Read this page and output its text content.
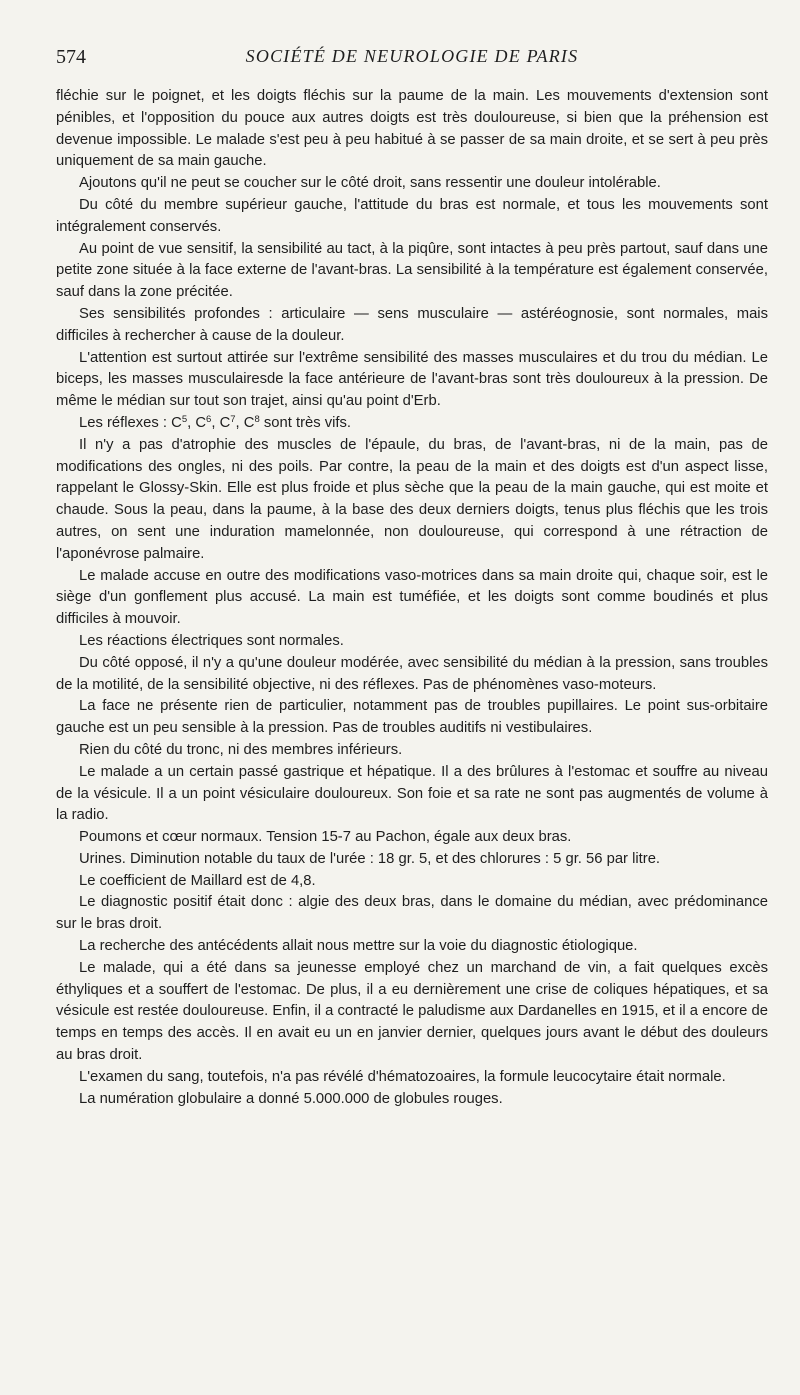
574	SOCIÉTÉ DE NEUROLOGIE DE PARIS

fléchie sur le poignet, et les doigts fléchis sur la paume de la main. Les mouvements d'extension sont pénibles, et l'opposition du pouce aux autres doigts est très douloureuse, si bien que la préhension est devenue impossible. Le malade s'est peu à peu habitué à se passer de sa main droite, et se sert à peu près uniquement de sa main gauche.

Ajoutons qu'il ne peut se coucher sur le côté droit, sans ressentir une douleur intolérable.

Du côté du membre supérieur gauche, l'attitude du bras est normale, et tous les mouvements sont intégralement conservés.

Au point de vue sensitif, la sensibilité au tact, à la piqûre, sont intactes à peu près partout, sauf dans une petite zone située à la face externe de l'avant-bras. La sensibilité à la température est également conservée, sauf dans la zone précitée.

Ses sensibilités profondes : articulaire — sens musculaire — astéréognosie, sont normales, mais difficiles à rechercher à cause de la douleur.

L'attention est surtout attirée sur l'extrême sensibilité des masses musculaires et du trou du médian. Le biceps, les masses musculairesde la face antérieure de l'avant-bras sont très douloureux à la pression. De même le médian sur tout son trajet, ainsi qu'au point d'Erb.

Les réflexes : $C^5$, $C^6$, $C^7$, $C^8$ sont très vifs.

Il n'y a pas d'atrophie des muscles de l'épaule, du bras, de l'avant-bras, ni de la main, pas de modifications des ongles, ni des poils. Par contre, la peau de la main et des doigts est d'un aspect lisse, rappelant le Glossy-Skin. Elle est plus froide et plus sèche que la peau de la main gauche, qui est moite et chaude. Sous la peau, dans la paume, à la base des deux derniers doigts, tenus plus fléchis que les trois autres, on sent une induration mamelonnée, non douloureuse, qui correspond à une rétraction de l'aponévrose palmaire.

Le malade accuse en outre des modifications vaso-motrices dans sa main droite qui, chaque soir, est le siège d'un gonflement plus accusé. La main est tuméfiée, et les doigts sont comme boudinés et plus difficiles à mouvoir.

Les réactions électriques sont normales.

Du côté opposé, il n'y a qu'une douleur modérée, avec sensibilité du médian à la pression, sans troubles de la motilité, de la sensibilité objective, ni des réflexes. Pas de phénomènes vaso-moteurs.

La face ne présente rien de particulier, notamment pas de troubles pupillaires. Le point sus-orbitaire gauche est un peu sensible à la pression. Pas de troubles auditifs ni vestibulaires.

Rien du côté du tronc, ni des membres inférieurs.

Le malade a un certain passé gastrique et hépatique. Il a des brûlures à l'estomac et souffre au niveau de la vésicule. Il a un point vésiculaire douloureux. Son foie et sa rate ne sont pas augmentés de volume à la radio.

Poumons et cœur normaux. Tension 15-7 au Pachon, égale aux deux bras.

Urines. Diminution notable du taux de l'urée : 18 gr. 5, et des chlorures : 5 gr. 56 par litre.

Le coefficient de Maillard est de 4,8.

Le diagnostic positif était donc : algie des deux bras, dans le domaine du médian, avec prédominance sur le bras droit.

La recherche des antécédents allait nous mettre sur la voie du diagnostic étiologique.

Le malade, qui a été dans sa jeunesse employé chez un marchand de vin, a fait quelques excès éthyliques et a souffert de l'estomac. De plus, il a eu dernièrement une crise de coliques hépatiques, et sa vésicule est restée douloureuse. Enfin, il a contracté le paludisme aux Dardanelles en 1915, et il a encore de temps en temps des accès. Il en avait eu un en janvier dernier, quelques jours avant le début des douleurs au bras droit.

L'examen du sang, toutefois, n'a pas révélé d'hématozoaires, la formule leucocytaire était normale.

La numération globulaire a donné 5.000.000 de globules rouges.
